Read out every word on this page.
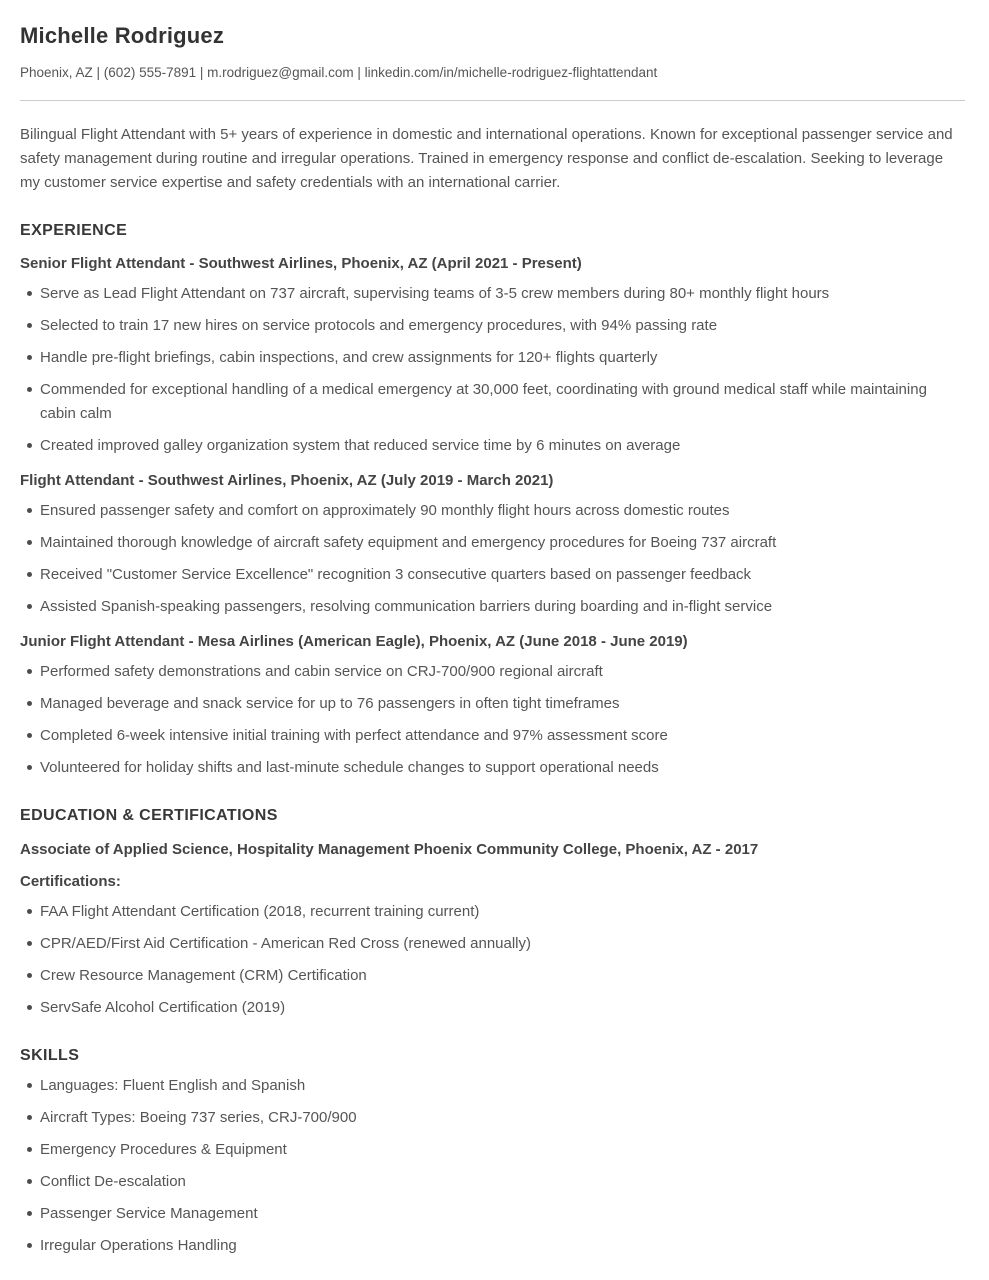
Michelle Rodriguez

Phoenix, AZ | (602) 555-7891 | m.rodriguez@gmail.com | linkedin.com/in/michelle-rodriguez-flightattendant

Bilingual Flight Attendant with 5+ years of experience in domestic and international operations. Known for exceptional passenger service and safety management during routine and irregular operations. Trained in emergency response and conflict de-escalation. Seeking to leverage my customer service expertise and safety credentials with an international carrier.

EXPERIENCE

Senior Flight Attendant - Southwest Airlines, Phoenix, AZ (April 2021 - Present)

Serve as Lead Flight Attendant on 737 aircraft, supervising teams of 3-5 crew members during 80+ monthly flight hours
Selected to train 17 new hires on service protocols and emergency procedures, with 94% passing rate
Handle pre-flight briefings, cabin inspections, and crew assignments for 120+ flights quarterly
Commended for exceptional handling of a medical emergency at 30,000 feet, coordinating with ground medical staff while maintaining cabin calm
Created improved galley organization system that reduced service time by 6 minutes on average

Flight Attendant - Southwest Airlines, Phoenix, AZ (July 2019 - March 2021)

Ensured passenger safety and comfort on approximately 90 monthly flight hours across domestic routes
Maintained thorough knowledge of aircraft safety equipment and emergency procedures for Boeing 737 aircraft
Received "Customer Service Excellence" recognition 3 consecutive quarters based on passenger feedback
Assisted Spanish-speaking passengers, resolving communication barriers during boarding and in-flight service

Junior Flight Attendant - Mesa Airlines (American Eagle), Phoenix, AZ (June 2018 - June 2019)

Performed safety demonstrations and cabin service on CRJ-700/900 regional aircraft
Managed beverage and snack service for up to 76 passengers in often tight timeframes
Completed 6-week intensive initial training with perfect attendance and 97% assessment score
Volunteered for holiday shifts and last-minute schedule changes to support operational needs
EDUCATION & CERTIFICATIONS

Associate of Applied Science, Hospitality Management Phoenix Community College, Phoenix, AZ - 2017

Certifications:

FAA Flight Attendant Certification (2018, recurrent training current)
CPR/AED/First Aid Certification - American Red Cross (renewed annually)
Crew Resource Management (CRM) Certification
ServSafe Alcohol Certification (2019)
SKILLS
Languages: Fluent English and Spanish
Aircraft Types: Boeing 737 series, CRJ-700/900
Emergency Procedures & Equipment
Conflict De-escalation
Passenger Service Management
Irregular Operations Handling
